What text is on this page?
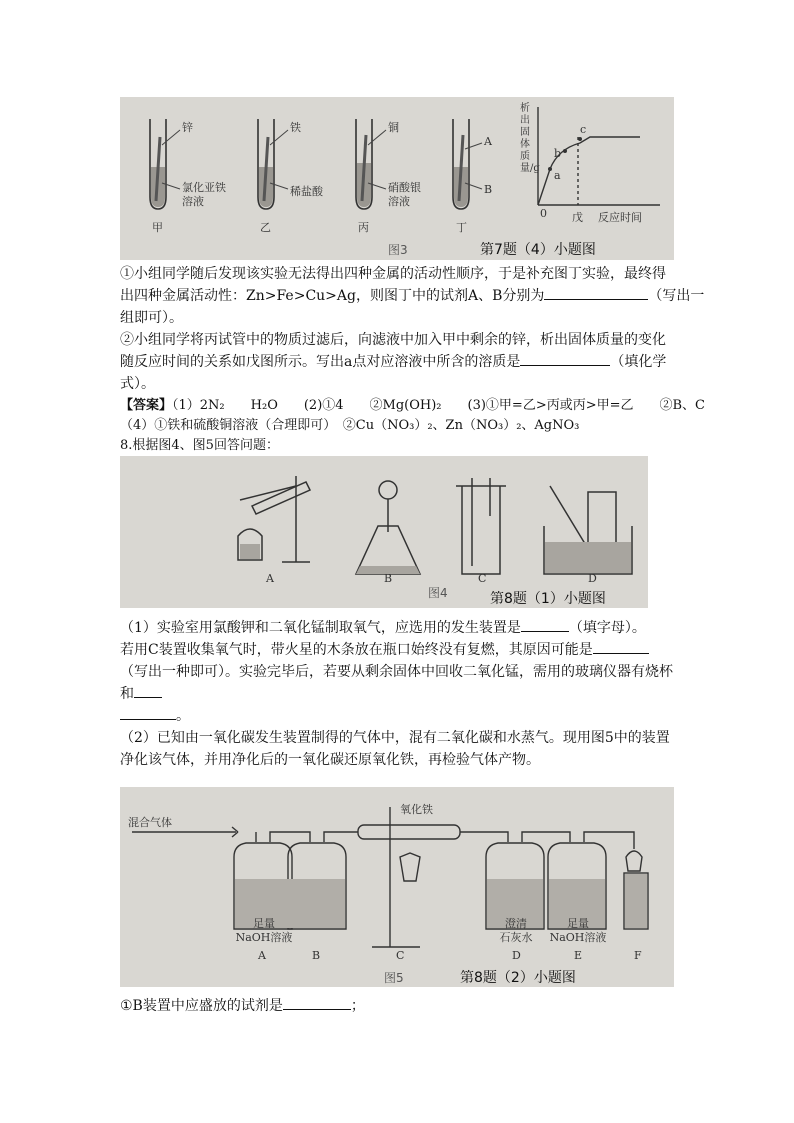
锌
氯化亚铁
溶液
甲
铁
稀盐酸
乙
铜
硝酸银
溶液
丙
A
B
丁
析出固体质量/g
0
a
b
c
戊 反应时间
图3	第7题（4）小题图
①小组同学随后发现该实验无法得出四种金属的活动性顺序，于是补充图丁实验，最终得
出四种金属活动性：Zn>Fe>Cu>Ag，则图丁中的试剂A、B分别为	（写出一
组即可）。
②小组同学将丙试管中的物质过滤后，向滤液中加入甲中剩余的锌，析出固体质量的变化
随反应时间的关系如戊图所示。写出a点对应溶液中所含的溶质是	（填化学
式）。
【答案】（1）2N₂　　H₂O　　(2)①4　　②Mg(OH)₂　　(3)①甲=乙>丙或丙>甲=乙　　②B、C
（4）①铁和硫酸铜溶液（合理即可）　②Cu（NO₃）₂、Zn（NO₃）₂、AgNO₃
8.根据图4、图5回答问题：
A	B	C	D
图4	第8题（1）小题图
（1）实验室用氯酸钾和二氧化锰制取氧气，应选用的发生装置是	（填字母）。
若用C装置收集氧气时，带火星的木条放在瓶口始终没有复燃，其原因可能是
（写出一种即可）。实验完毕后，若要从剩余固体中回收二氧化锰，需用的玻璃仪器有烧杯
和
。
（2）已知由一氧化碳发生装置制得的气体中，混有二氧化碳和水蒸气。现用图5中的装置
净化该气体，并用净化后的一氧化碳还原氧化铁，再检验气体产物。
混合气体
氧化铁
足量
NaOH溶液
澄清
石灰水
足量
NaOH溶液
A	B	C	D	E	F
图5	第8题（2）小题图
①B装置中应盛放的试剂是	；
